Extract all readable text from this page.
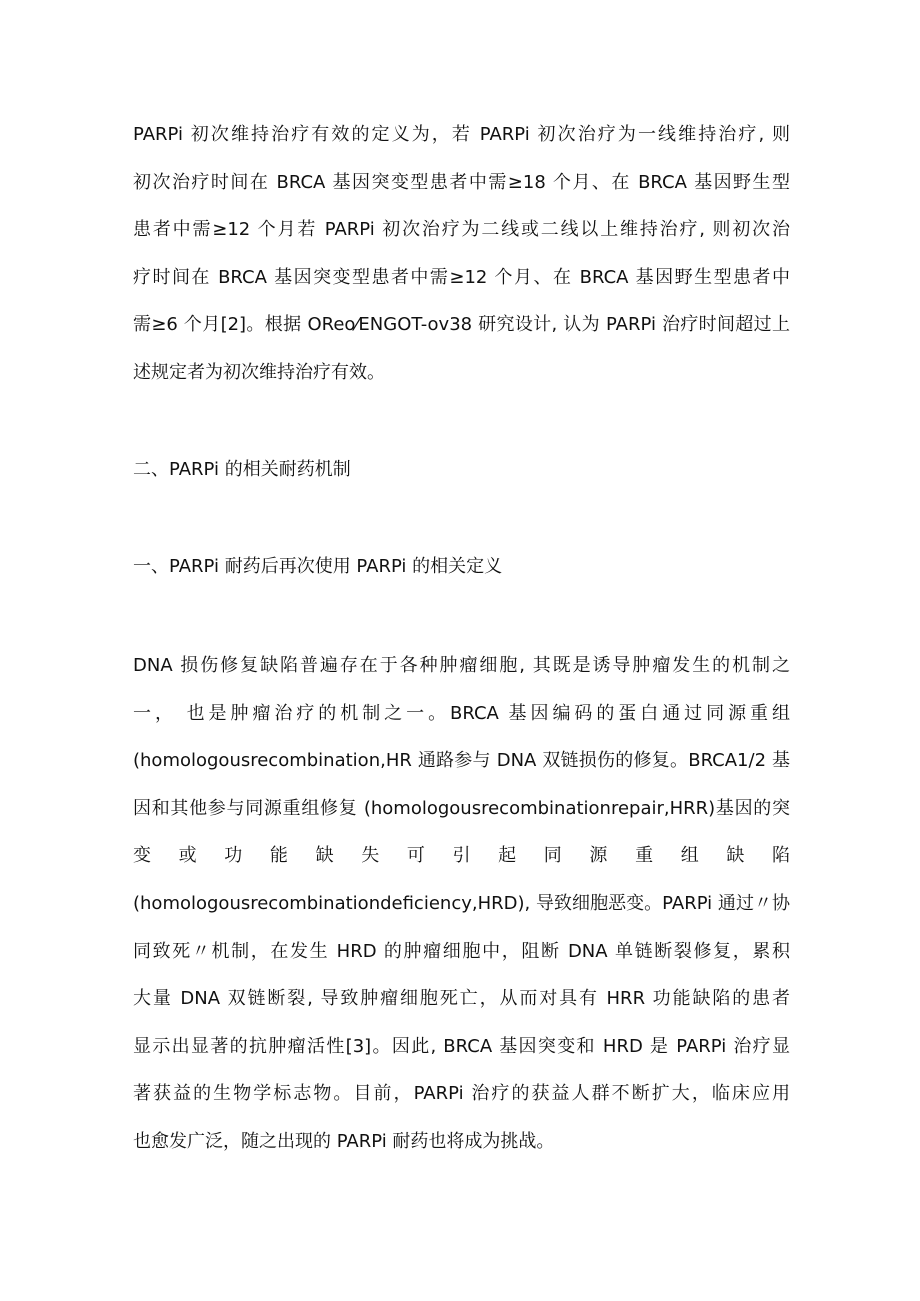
PARPi 初次维持治疗有效的定义为，若 PARPi 初次治疗为一线维持治疗, 则
初次治疗时间在 BRCA 基因突变型患者中需≥18 个月、在 BRCA 基因野生型
患者中需≥12 个月若 PARPi 初次治疗为二线或二线以上维持治疗, 则初次治
疗时间在 BRCA 基因突变型患者中需≥12 个月、在 BRCA 基因野生型患者中
需≥6 个月[2]。根据 OReo⁄ENGOT-ov38 研究设计, 认为 PARPi 治疗时间超过上
述规定者为初次维持治疗有效。

二、PARPi 的相关耐药机制
一、PARPi 耐药后再次使用 PARPi 的相关定义

DNA 损伤修复缺陷普遍存在于各种肿瘤细胞, 其既是诱导肿瘤发生的机制之
一， 也是肿瘤治疗的机制之一。BRCA 基因编码的蛋白通过同源重组
(homologousrecombination,HR 通路参与 DNA 双链损伤的修复。BRCA1/2 基
因和其他参与同源重组修复 (homologousrecombinationrepair,HRR)基因的突
变 或 功 能 缺 失 可 引 起 同 源 重 组 缺 陷
(homologousrecombinationdeficiency,HRD), 导致细胞恶变。PARPi 通过〃协
同致死〃机制，在发生 HRD 的肿瘤细胞中，阻断 DNA 单链断裂修复，累积
大量 DNA 双链断裂, 导致肿瘤细胞死亡，从而对具有 HRR 功能缺陷的患者
显示出显著的抗肿瘤活性[3]。因此, BRCA 基因突变和 HRD 是 PARPi 治疗显
著获益的生物学标志物。目前，PARPi 治疗的获益人群不断扩大，临床应用
也愈发广泛，随之出现的 PARPi 耐药也将成为挑战。
